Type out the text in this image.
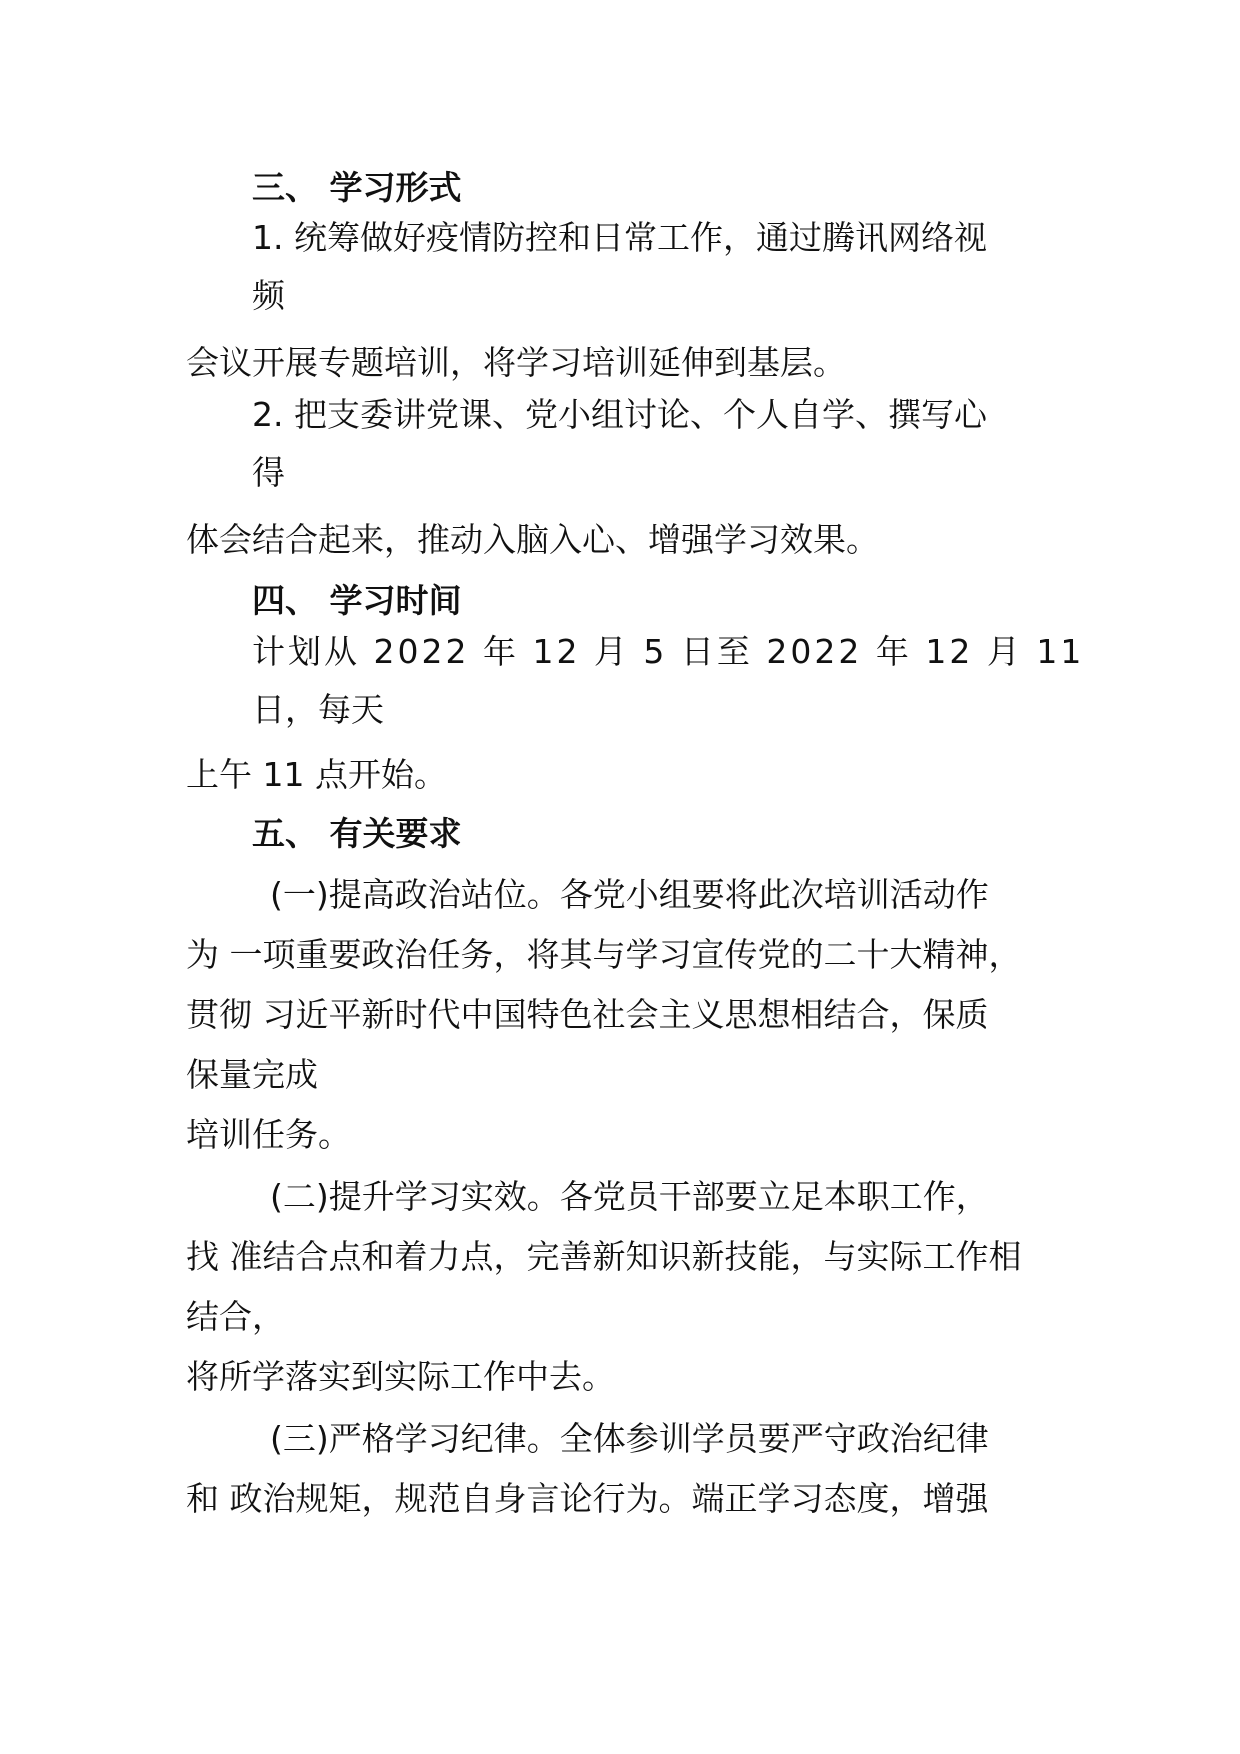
三、 学习形式

1. 统筹做好疫情防控和日常工作，通过腾讯网络视

频

会议开展专题培训，将学习培训延伸到基层。

2. 把支委讲党课、党小组讨论、个人自学、撰写心

得

体会结合起来，推动入脑入心、增强学习效果。

四、 学习时间

计划从 2022 年 12 月 5 日至 2022 年 12 月 11

日，每天

上午 11 点开始。

五、 有关要求

(一)提高政治站位。各党小组要将此次培训活动作

为 一项重要政治任务，将其与学习宣传党的二十大精神，

贯彻 习近平新时代中国特色社会主义思想相结合，保质

保量完成

培训任务。

(二)提升学习实效。各党员干部要立足本职工作，

找 准结合点和着力点，完善新知识新技能，与实际工作相

结合，

将所学落实到实际工作中去。

(三)严格学习纪律。全体参训学员要严守政治纪律

和 政治规矩，规范自身言论行为。端正学习态度，增强
